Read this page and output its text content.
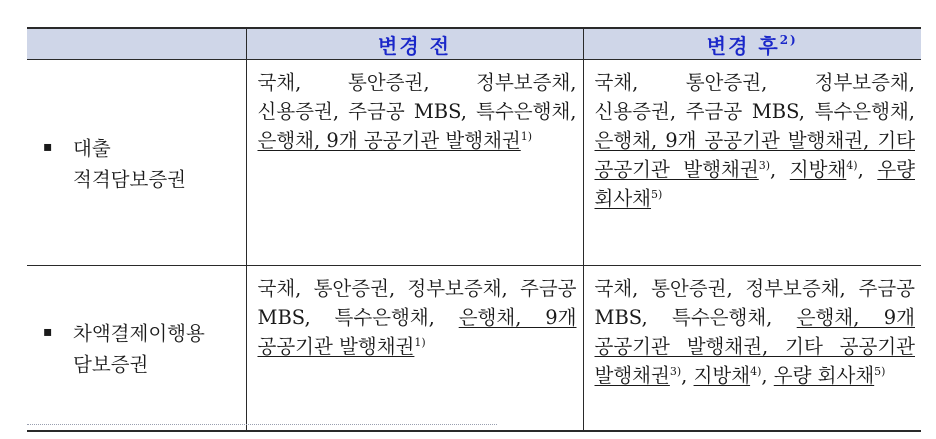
	변경 전	변경 후$^{2)}$

▪ 대출
적격담보증권	국채, 통안증권, 정부보증채, 신용증권, 주금공 MBS, 특수은행채, 은행채, 9개 공공기관 발행채권$^{1)}$	국채, 통안증권, 정부보증채, 신용증권, 주금공 MBS, 특수은행채, 은행채, 9개 공공기관 발행채권, 기타 공공기관 발행채권$^{3)}$, 지방채$^{4)}$, 우량 회사채$^{5)}$

▪ 차액결제이행용
담보증권	국채, 통안증권, 정부보증채, 주금공 MBS, 특수은행채, 은행채, 9개 공공기관 발행채권$^{1)}$	국채, 통안증권, 정부보증채, 주금공 MBS, 특수은행채, 은행채, 9개 공공기관 발행채권, 기타 공공기관 발행채권$^{3)}$, 지방채$^{4)}$, 우량 회사채$^{5)}$
